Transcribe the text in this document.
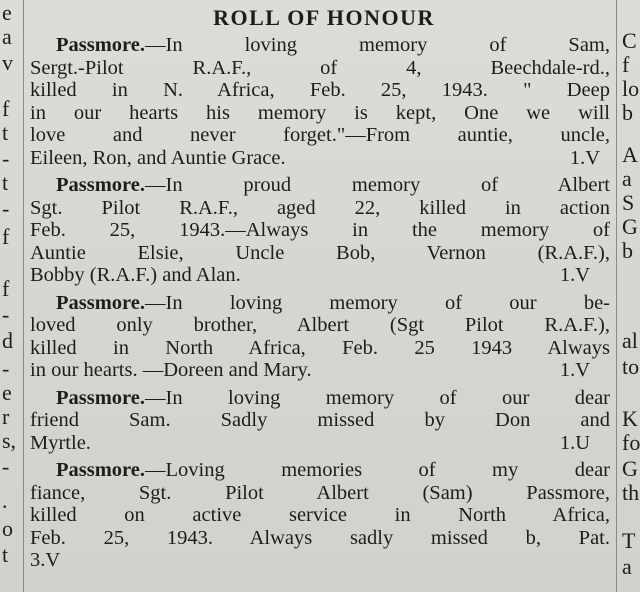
e
a
v
f
t
-
t
-
f
f
-
d
-
e
r
s,
-
.
o
t
ROLL OF HONOUR
Passmore.—In loving memory of Sam,
Sergt.-Pilot R.A.F., of 4, Beechdale-rd.,
killed in N. Africa, Feb. 25, 1943. " Deep
in our hearts his memory is kept, One we will
love and never forget."—From auntie, uncle,
Eileen, Ron, and Auntie Grace.	1.V
Passmore.—In proud memory of Albert
Sgt. Pilot R.A.F., aged 22, killed in action
Feb. 25, 1943.—Always in the memory of
Auntie Elsie, Uncle Bob, Vernon (R.A.F.),
Bobby (R.A.F.) and Alan.	1.V
Passmore.—In loving memory of our be-
loved only brother, Albert (Sgt Pilot R.A.F.),
killed in North Africa, Feb. 25 1943 Always
in our hearts. —Doreen and Mary.	1.V
Passmore.—In loving memory of our dear
friend Sam. Sadly missed by Don and
Myrtle.	1.U
Passmore.—Loving memories of my dear
fiance, Sgt. Pilot Albert (Sam) Passmore,
killed on active service in North Africa,
Feb. 25, 1943. Always sadly missed b, Pat.
3.V
C
f
lo
b
A
a
S
G
b
al
to
K
fo
G
th
T
a
